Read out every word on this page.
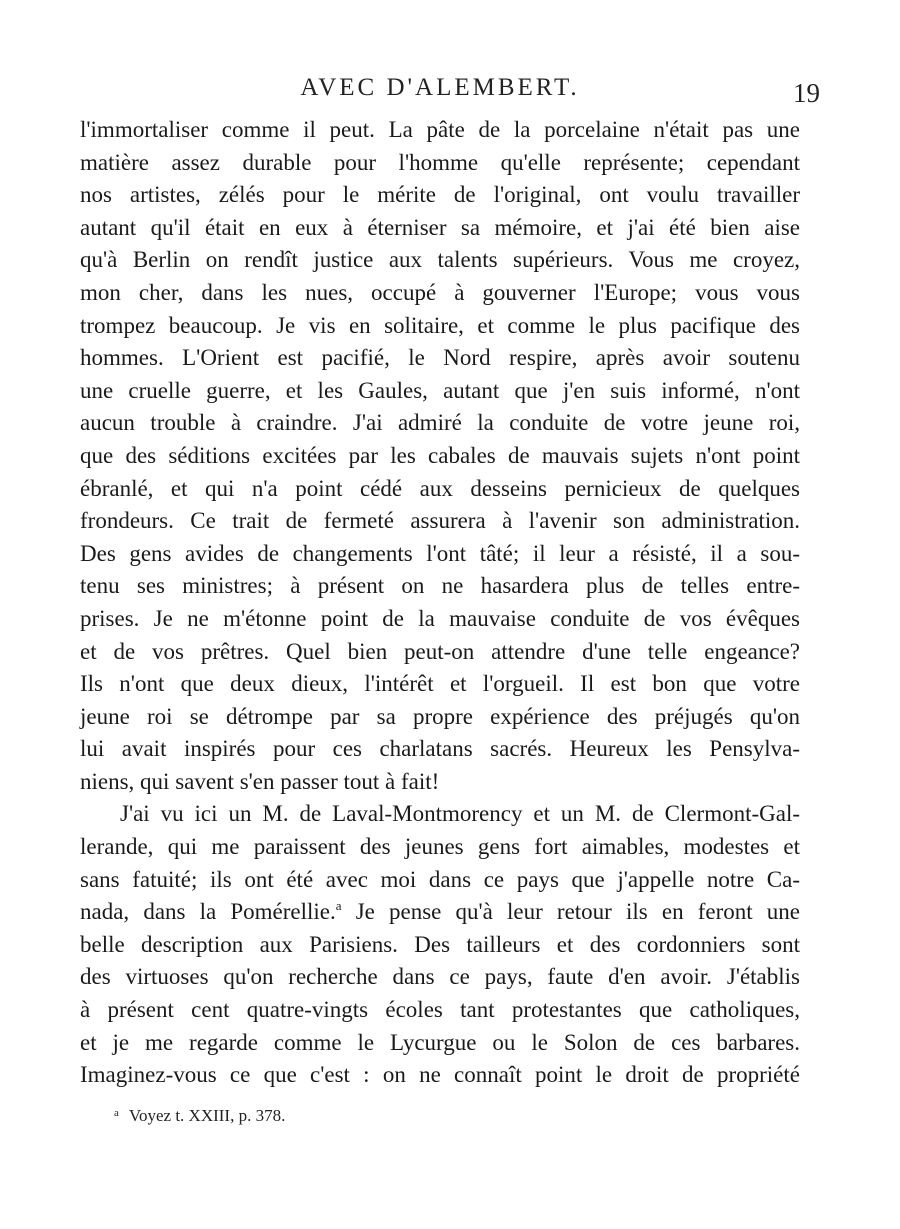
AVEC D'ALEMBERT.	19
l'immortaliser comme il peut. La pâte de la porcelaine n'était pas une
matière assez durable pour l'homme qu'elle représente; cependant
nos artistes, zélés pour le mérite de l'original, ont voulu travailler
autant qu'il était en eux à éterniser sa mémoire, et j'ai été bien aise
qu'à Berlin on rendît justice aux talents supérieurs. Vous me croyez,
mon cher, dans les nues, occupé à gouverner l'Europe; vous vous
trompez beaucoup. Je vis en solitaire, et comme le plus pacifique des
hommes. L'Orient est pacifié, le Nord respire, après avoir soutenu
une cruelle guerre, et les Gaules, autant que j'en suis informé, n'ont
aucun trouble à craindre. J'ai admiré la conduite de votre jeune roi,
que des séditions excitées par les cabales de mauvais sujets n'ont point
ébranlé, et qui n'a point cédé aux desseins pernicieux de quelques
frondeurs. Ce trait de fermeté assurera à l'avenir son administration.
Des gens avides de changements l'ont tâté; il leur a résisté, il a sou-
tenu ses ministres; à présent on ne hasardera plus de telles entre-
prises. Je ne m'étonne point de la mauvaise conduite de vos évêques
et de vos prêtres. Quel bien peut-on attendre d'une telle engeance?
Ils n'ont que deux dieux, l'intérêt et l'orgueil. Il est bon que votre
jeune roi se détrompe par sa propre expérience des préjugés qu'on
lui avait inspirés pour ces charlatans sacrés. Heureux les Pensylva-
niens, qui savent s'en passer tout à fait!
J'ai vu ici un M. de Laval-Montmorency et un M. de Clermont-Gal-
lerande, qui me paraissent des jeunes gens fort aimables, modestes et
sans fatuité; ils ont été avec moi dans ce pays que j'appelle notre Ca-
nada, dans la Pomérellie.$^a$ Je pense qu'à leur retour ils en feront une
belle description aux Parisiens. Des tailleurs et des cordonniers sont
des virtuoses qu'on recherche dans ce pays, faute d'en avoir. J'établis
à présent cent quatre-vingts écoles tant protestantes que catholiques,
et je me regarde comme le Lycurgue ou le Solon de ces barbares.
Imaginez-vous ce que c'est : on ne connaît point le droit de propriété
$^a$ Voyez t. XXIII, p. 378.
